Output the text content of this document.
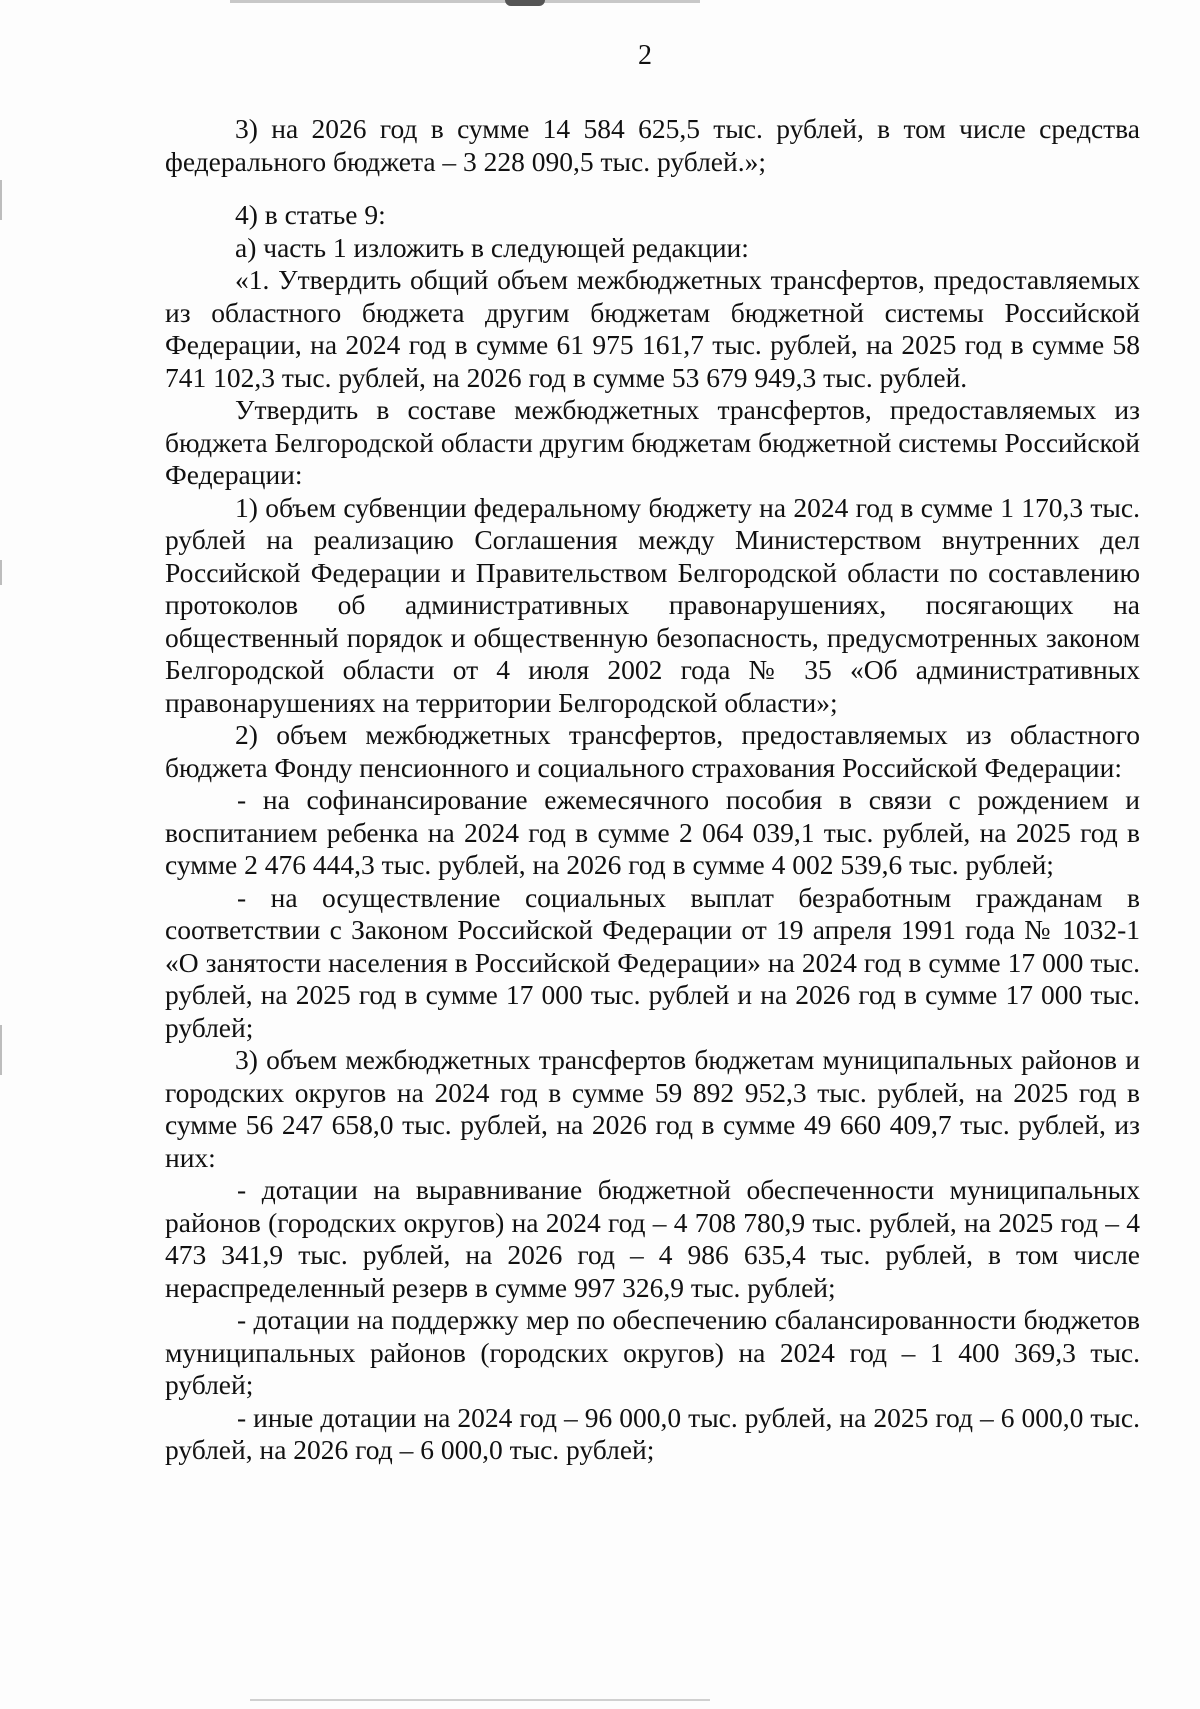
2

3) на 2026 год в сумме 14 584 625,5 тыс. рублей, в том числе средства федерального бюджета – 3 228 090,5 тыс. рублей.»;

4) в статье 9:

а) часть 1 изложить в следующей редакции:

«1. Утвердить общий объем межбюджетных трансфертов, предоставляемых из областного бюджета другим бюджетам бюджетной системы Российской Федерации, на 2024 год в сумме 61 975 161,7 тыс. рублей, на 2025 год в сумме 58 741 102,3 тыс. рублей, на 2026 год в сумме 53 679 949,3 тыс. рублей.

Утвердить в составе межбюджетных трансфертов, предоставляемых из бюджета Белгородской области другим бюджетам бюджетной системы Российской Федерации:

1) объем субвенции федеральному бюджету на 2024 год в сумме 1 170,3 тыс. рублей на реализацию Соглашения между Министерством внутренних дел Российской Федерации и Правительством Белгородской области по составлению протоколов об административных правонарушениях, посягающих на общественный порядок и общественную безопасность, предусмотренных законом Белгородской области от 4 июля 2002 года № 35 «Об административных правонарушениях на территории Белгородской области»;

2) объем межбюджетных трансфертов, предоставляемых из областного бюджета Фонду пенсионного и социального страхования Российской Федерации:

- на софинансирование ежемесячного пособия в связи с рождением и воспитанием ребенка на 2024 год в сумме 2 064 039,1 тыс. рублей, на 2025 год в сумме 2 476 444,3 тыс. рублей, на 2026 год в сумме 4 002 539,6 тыс. рублей;

- на осуществление социальных выплат безработным гражданам в соответствии с Законом Российской Федерации от 19 апреля 1991 года № 1032-1 «О занятости населения в Российской Федерации» на 2024 год в сумме 17 000 тыс. рублей, на 2025 год в сумме 17 000 тыс. рублей и на 2026 год в сумме 17 000 тыс. рублей;

3) объем межбюджетных трансфертов бюджетам муниципальных районов и городских округов на 2024 год в сумме 59 892 952,3 тыс. рублей, на 2025 год в сумме 56 247 658,0 тыс. рублей, на 2026 год в сумме 49 660 409,7 тыс. рублей, из них:

- дотации на выравнивание бюджетной обеспеченности муниципальных районов (городских округов) на 2024 год – 4 708 780,9 тыс. рублей, на 2025 год – 4 473 341,9 тыс. рублей, на 2026 год – 4 986 635,4 тыс. рублей, в том числе нераспределенный резерв в сумме 997 326,9 тыс. рублей;

- дотации на поддержку мер по обеспечению сбалансированности бюджетов муниципальных районов (городских округов) на 2024 год – 1 400 369,3 тыс. рублей;

- иные дотации на 2024 год – 96 000,0 тыс. рублей, на 2025 год – 6 000,0 тыс. рублей, на 2026 год – 6 000,0 тыс. рублей;
